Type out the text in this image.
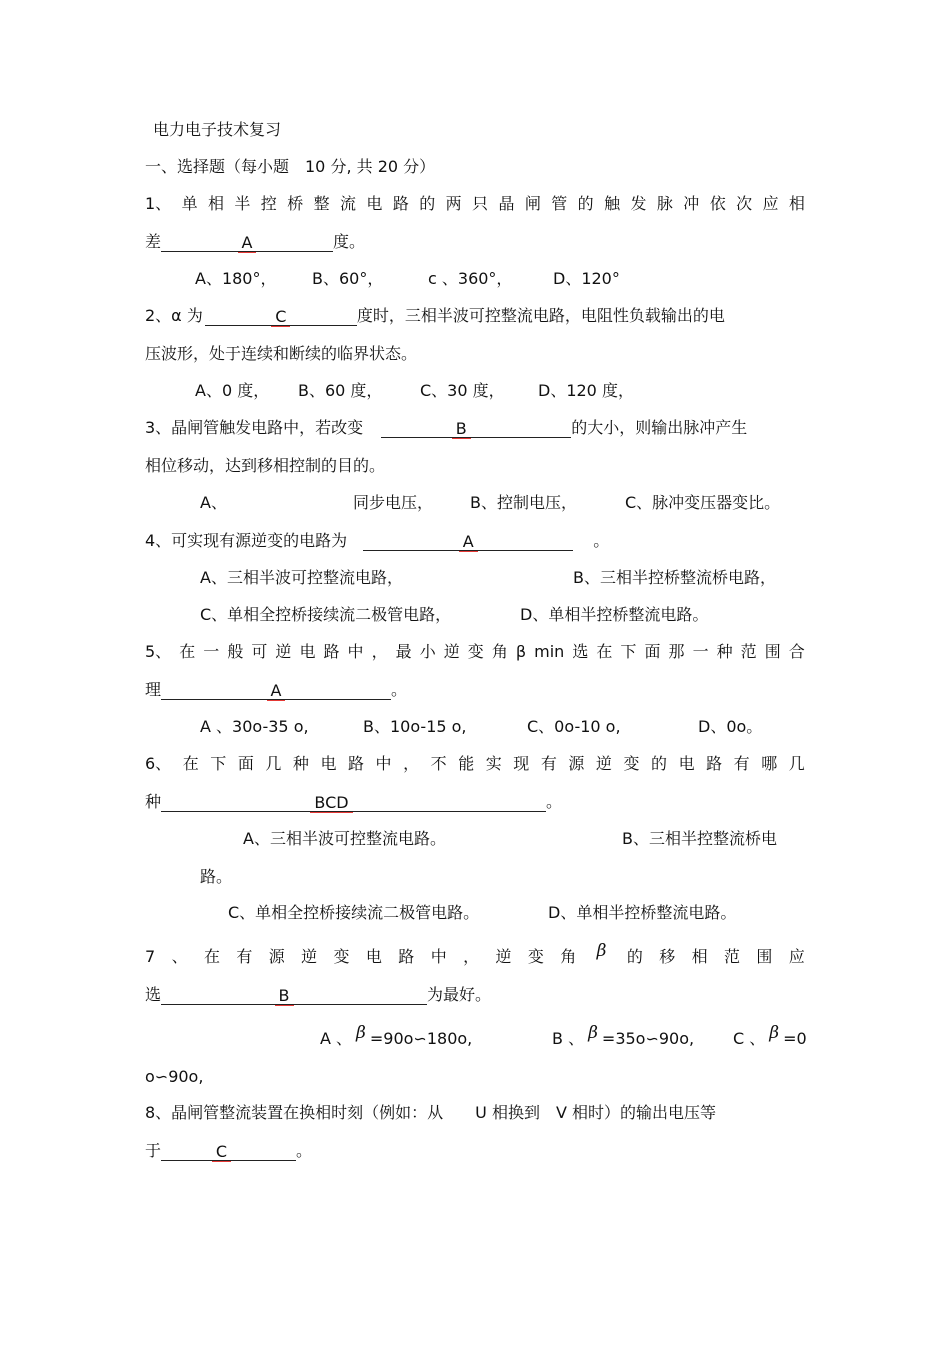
电力电子技术复习
一、选择题（每小题　10 分, 共 20 分）
1、 单 相 半 控 桥 整 流 电 路 的 两 只 晶 闸 管 的 触 发 脉 冲 依 次 应 相
差	A	度。
A、180°， B、60°，	c 、360°，	D、120°
2、α 为	C	度时，三相半波可控整流电路，电阻性负载输出的电
压波形，处于连续和断续的临界状态。
A、0 度， B、60 度， C、30 度， D、120 度，
3、晶闸管触发电路中，若改变	B	的大小，则输出脉冲产生
相位移动，达到移相控制的目的。
A、	同步电压， B、控制电压，	C、脉冲变压器变比。
4、可实现有源逆变的电路为	A	。
A、三相半波可控整流电路，	B、三相半控桥整流桥电路，
C、单相全控桥接续流二极管电路，	D、单相半控桥整流电路。
5、 在 一 般 可 逆 电 路 中 ， 最 小 逆 变 角 β min 选 在 下 面 那 一 种 范 围 合
理	A	。
A 、30o-35 o,	B、10o-15 o,	C、0o-10 o,	D、0o。
6、 在 下 面 几 种 电 路 中 ， 不 能 实 现 有 源 逆 变 的 电 路 有 哪 几
种	BCD	。
A、三相半波可控整流电路。	B、三相半控整流桥电
路。
C、单相全控桥接续流二极管电路。	D、单相半控桥整流电路。
7 、 在 有 源 逆 变 电 路 中 ， 逆 变 角 β 的 移 相 范 围 应
选	B	为最好。
A 、 β =90o∽180o,	B 、 β =35o∽90o, C 、 β =0
o∽90o,
8、晶闸管整流装置在换相时刻（例如：从　　U 相换到　V 相时）的输出电压等
于	C	。
